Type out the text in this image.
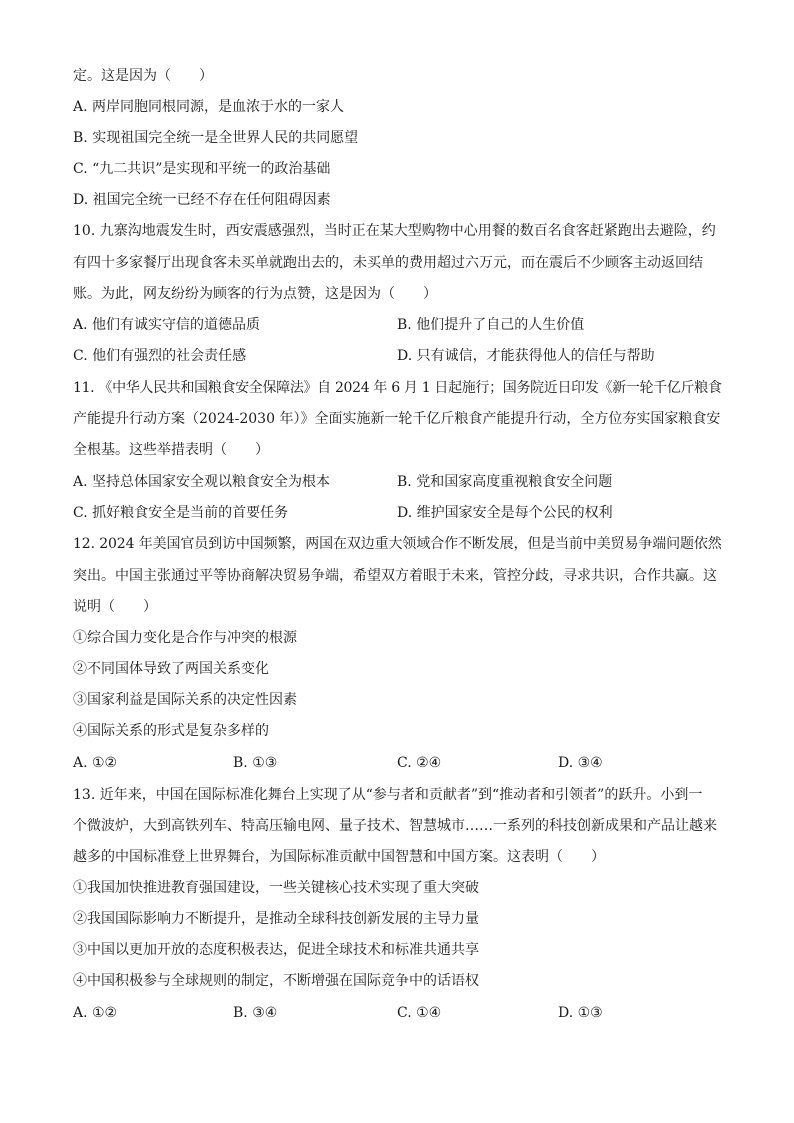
定。这是因为（　　）
A. 两岸同胞同根同源，是血浓于水的一家人
B. 实现祖国完全统一是全世界人民的共同愿望
C. “九二共识”是实现和平统一的政治基础
D. 祖国完全统一已经不存在任何阻碍因素
10. 九寨沟地震发生时，西安震感强烈，当时正在某大型购物中心用餐的数百名食客赶紧跑出去避险，约
有四十多家餐厅出现食客未买单就跑出去的，未买单的费用超过六万元，而在震后不少顾客主动返回结
账。为此，网友纷纷为顾客的行为点赞，这是因为（　　）
A. 他们有诚实守信的道德品质	B. 他们提升了自己的人生价值
C. 他们有强烈的社会责任感	D. 只有诚信，才能获得他人的信任与帮助
11. 《中华人民共和国粮食安全保障法》自 2024 年 6 月 1 日起施行；国务院近日印发《新一轮千亿斤粮食
产能提升行动方案（2024-2030 年）》全面实施新一轮千亿斤粮食产能提升行动，全方位夯实国家粮食安
全根基。这些举措表明（　　）
A. 坚持总体国家安全观以粮食安全为根本	B. 党和国家高度重视粮食安全问题
C. 抓好粮食安全是当前的首要任务	D. 维护国家安全是每个公民的权利
12. 2024 年美国官员到访中国频繁，两国在双边重大领域合作不断发展，但是当前中美贸易争端问题依然
突出。中国主张通过平等协商解决贸易争端，希望双方着眼于未来，管控分歧，寻求共识，合作共赢。这
说明（　　）
①综合国力变化是合作与冲突的根源
②不同国体导致了两国关系变化
③国家利益是国际关系的决定性因素
④国际关系的形式是复杂多样的
A. ①②	B. ①③	C. ②④	D. ③④
13. 近年来，中国在国际标准化舞台上实现了从“参与者和贡献者”到“推动者和引领者”的跃升。小到一
个微波炉，大到高铁列车、特高压输电网、量子技术、智慧城市……一系列的科技创新成果和产品让越来
越多的中国标准登上世界舞台，为国际标准贡献中国智慧和中国方案。这表明（　　）
①我国加快推进教育强国建设，一些关键核心技术实现了重大突破
②我国国际影响力不断提升，是推动全球科技创新发展的主导力量
③中国以更加开放的态度积极表达，促进全球技术和标准共通共享
④中国积极参与全球规则的制定，不断增强在国际竞争中的话语权
A. ①②	B. ③④	C. ①④	D. ①③
